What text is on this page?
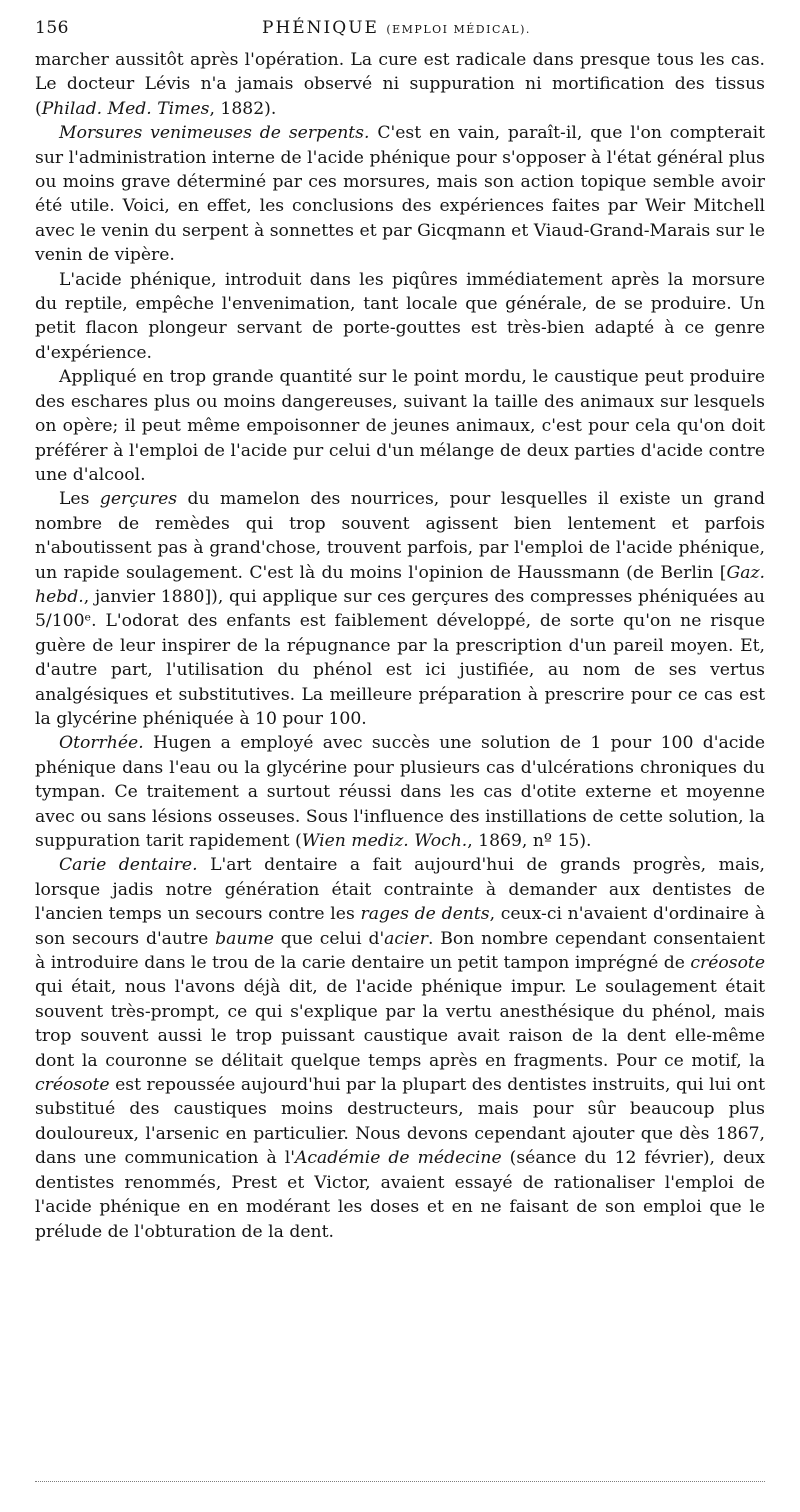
156	PHÉNIQUE (EMPLOI MÉDICAL).

marcher aussitôt après l'opération. La cure est radicale dans presque tous les cas. Le docteur Lévis n'a jamais observé ni suppuration ni mortification des tissus (Philad. Med. Times, 1882).

Morsures venimeuses de serpents. C'est en vain, paraît-il, que l'on compterait sur l'administration interne de l'acide phénique pour s'opposer à l'état général plus ou moins grave déterminé par ces morsures, mais son action topique semble avoir été utile. Voici, en effet, les conclusions des expériences faites par Weir Mitchell avec le venin du serpent à sonnettes et par Gicqmann et Viaud-Grand-Marais sur le venin de vipère.

L'acide phénique, introduit dans les piqûres immédiatement après la morsure du reptile, empêche l'envenimation, tant locale que générale, de se produire. Un petit flacon plongeur servant de porte-gouttes est très-bien adapté à ce genre d'expérience.

Appliqué en trop grande quantité sur le point mordu, le caustique peut produire des eschares plus ou moins dangereuses, suivant la taille des animaux sur lesquels on opère; il peut même empoisonner de jeunes animaux, c'est pour cela qu'on doit préférer à l'emploi de l'acide pur celui d'un mélange de deux parties d'acide contre une d'alcool.

Les gerçures du mamelon des nourrices, pour lesquelles il existe un grand nombre de remèdes qui trop souvent agissent bien lentement et parfois n'aboutissent pas à grand'chose, trouvent parfois, par l'emploi de l'acide phénique, un rapide soulagement. C'est là du moins l'opinion de Haussmann (de Berlin [Gaz. hebd., janvier 1880]), qui applique sur ces gerçures des compresses phéniquées au 5/100ᵉ. L'odorat des enfants est faiblement développé, de sorte qu'on ne risque guère de leur inspirer de la répugnance par la prescription d'un pareil moyen. Et, d'autre part, l'utilisation du phénol est ici justifiée, au nom de ses vertus analgésiques et substitutives. La meilleure préparation à prescrire pour ce cas est la glycérine phéniquée à 10 pour 100.

Otorrhée. Hugen a employé avec succès une solution de 1 pour 100 d'acide phénique dans l'eau ou la glycérine pour plusieurs cas d'ulcérations chroniques du tympan. Ce traitement a surtout réussi dans les cas d'otite externe et moyenne avec ou sans lésions osseuses. Sous l'influence des instillations de cette solution, la suppuration tarit rapidement (Wien mediz. Woch., 1869, nº 15).

Carie dentaire. L'art dentaire a fait aujourd'hui de grands progrès, mais, lorsque jadis notre génération était contrainte à demander aux dentistes de l'ancien temps un secours contre les rages de dents, ceux-ci n'avaient d'ordinaire à son secours d'autre baume que celui d'acier. Bon nombre cependant consentaient à introduire dans le trou de la carie dentaire un petit tampon imprégné de créosote qui était, nous l'avons déjà dit, de l'acide phénique impur. Le soulagement était souvent très-prompt, ce qui s'explique par la vertu anesthésique du phénol, mais trop souvent aussi le trop puissant caustique avait raison de la dent elle-même dont la couronne se délitait quelque temps après en fragments. Pour ce motif, la créosote est repoussée aujourd'hui par la plupart des dentistes instruits, qui lui ont substitué des caustiques moins destructeurs, mais pour sûr beaucoup plus douloureux, l'arsenic en particulier. Nous devons cependant ajouter que dès 1867, dans une communication à l'Académie de médecine (séance du 12 février), deux dentistes renommés, Prest et Victor, avaient essayé de rationaliser l'emploi de l'acide phénique en en modérant les doses et en ne faisant de son emploi que le prélude de l'obturation de la dent.
